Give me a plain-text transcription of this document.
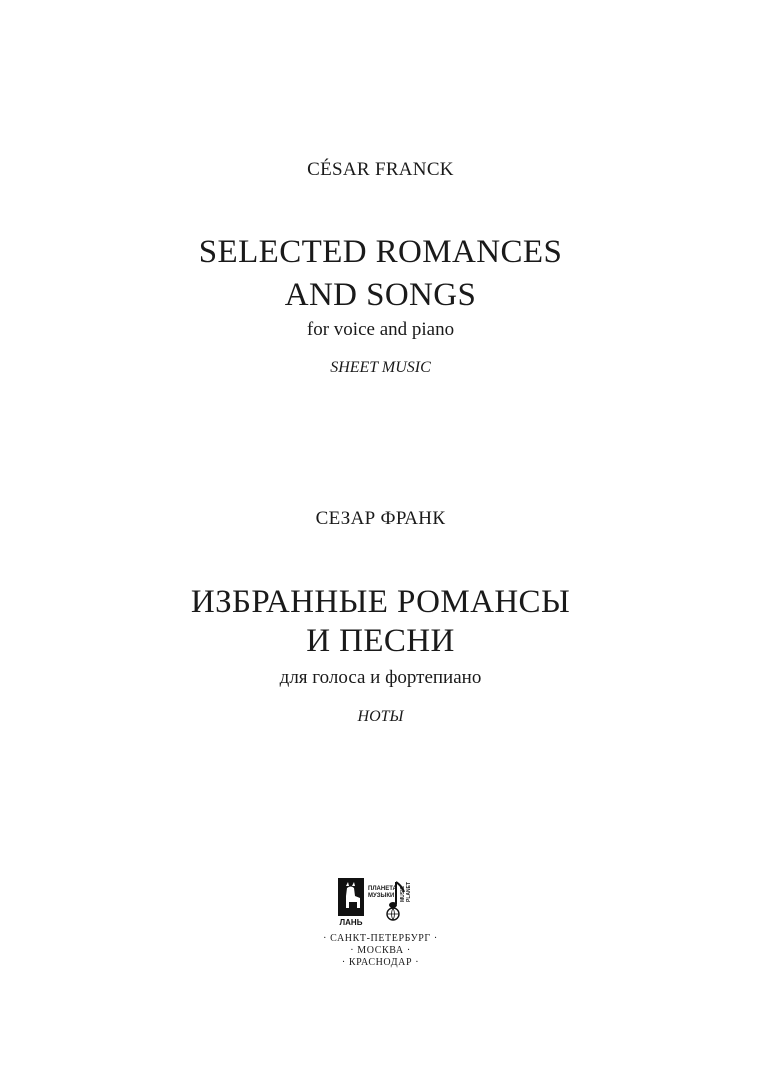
CÉSAR FRANCK
SELECTED ROMANCES
AND SONGS
for voice and piano
SHEET MUSIC
СЕЗАР ФРАНК
ИЗБРАННЫЕ РОМАНСЫ
И ПЕСНИ
для голоса и фортепиано
НОТЫ
ЛАНЬ
ПЛАНЕТА
МУЗЫКИ	MUSIC PLANET
· САНКТ-ПЕТЕРБУРГ ·
· МОСКВА ·
· КРАСНОДАР ·
